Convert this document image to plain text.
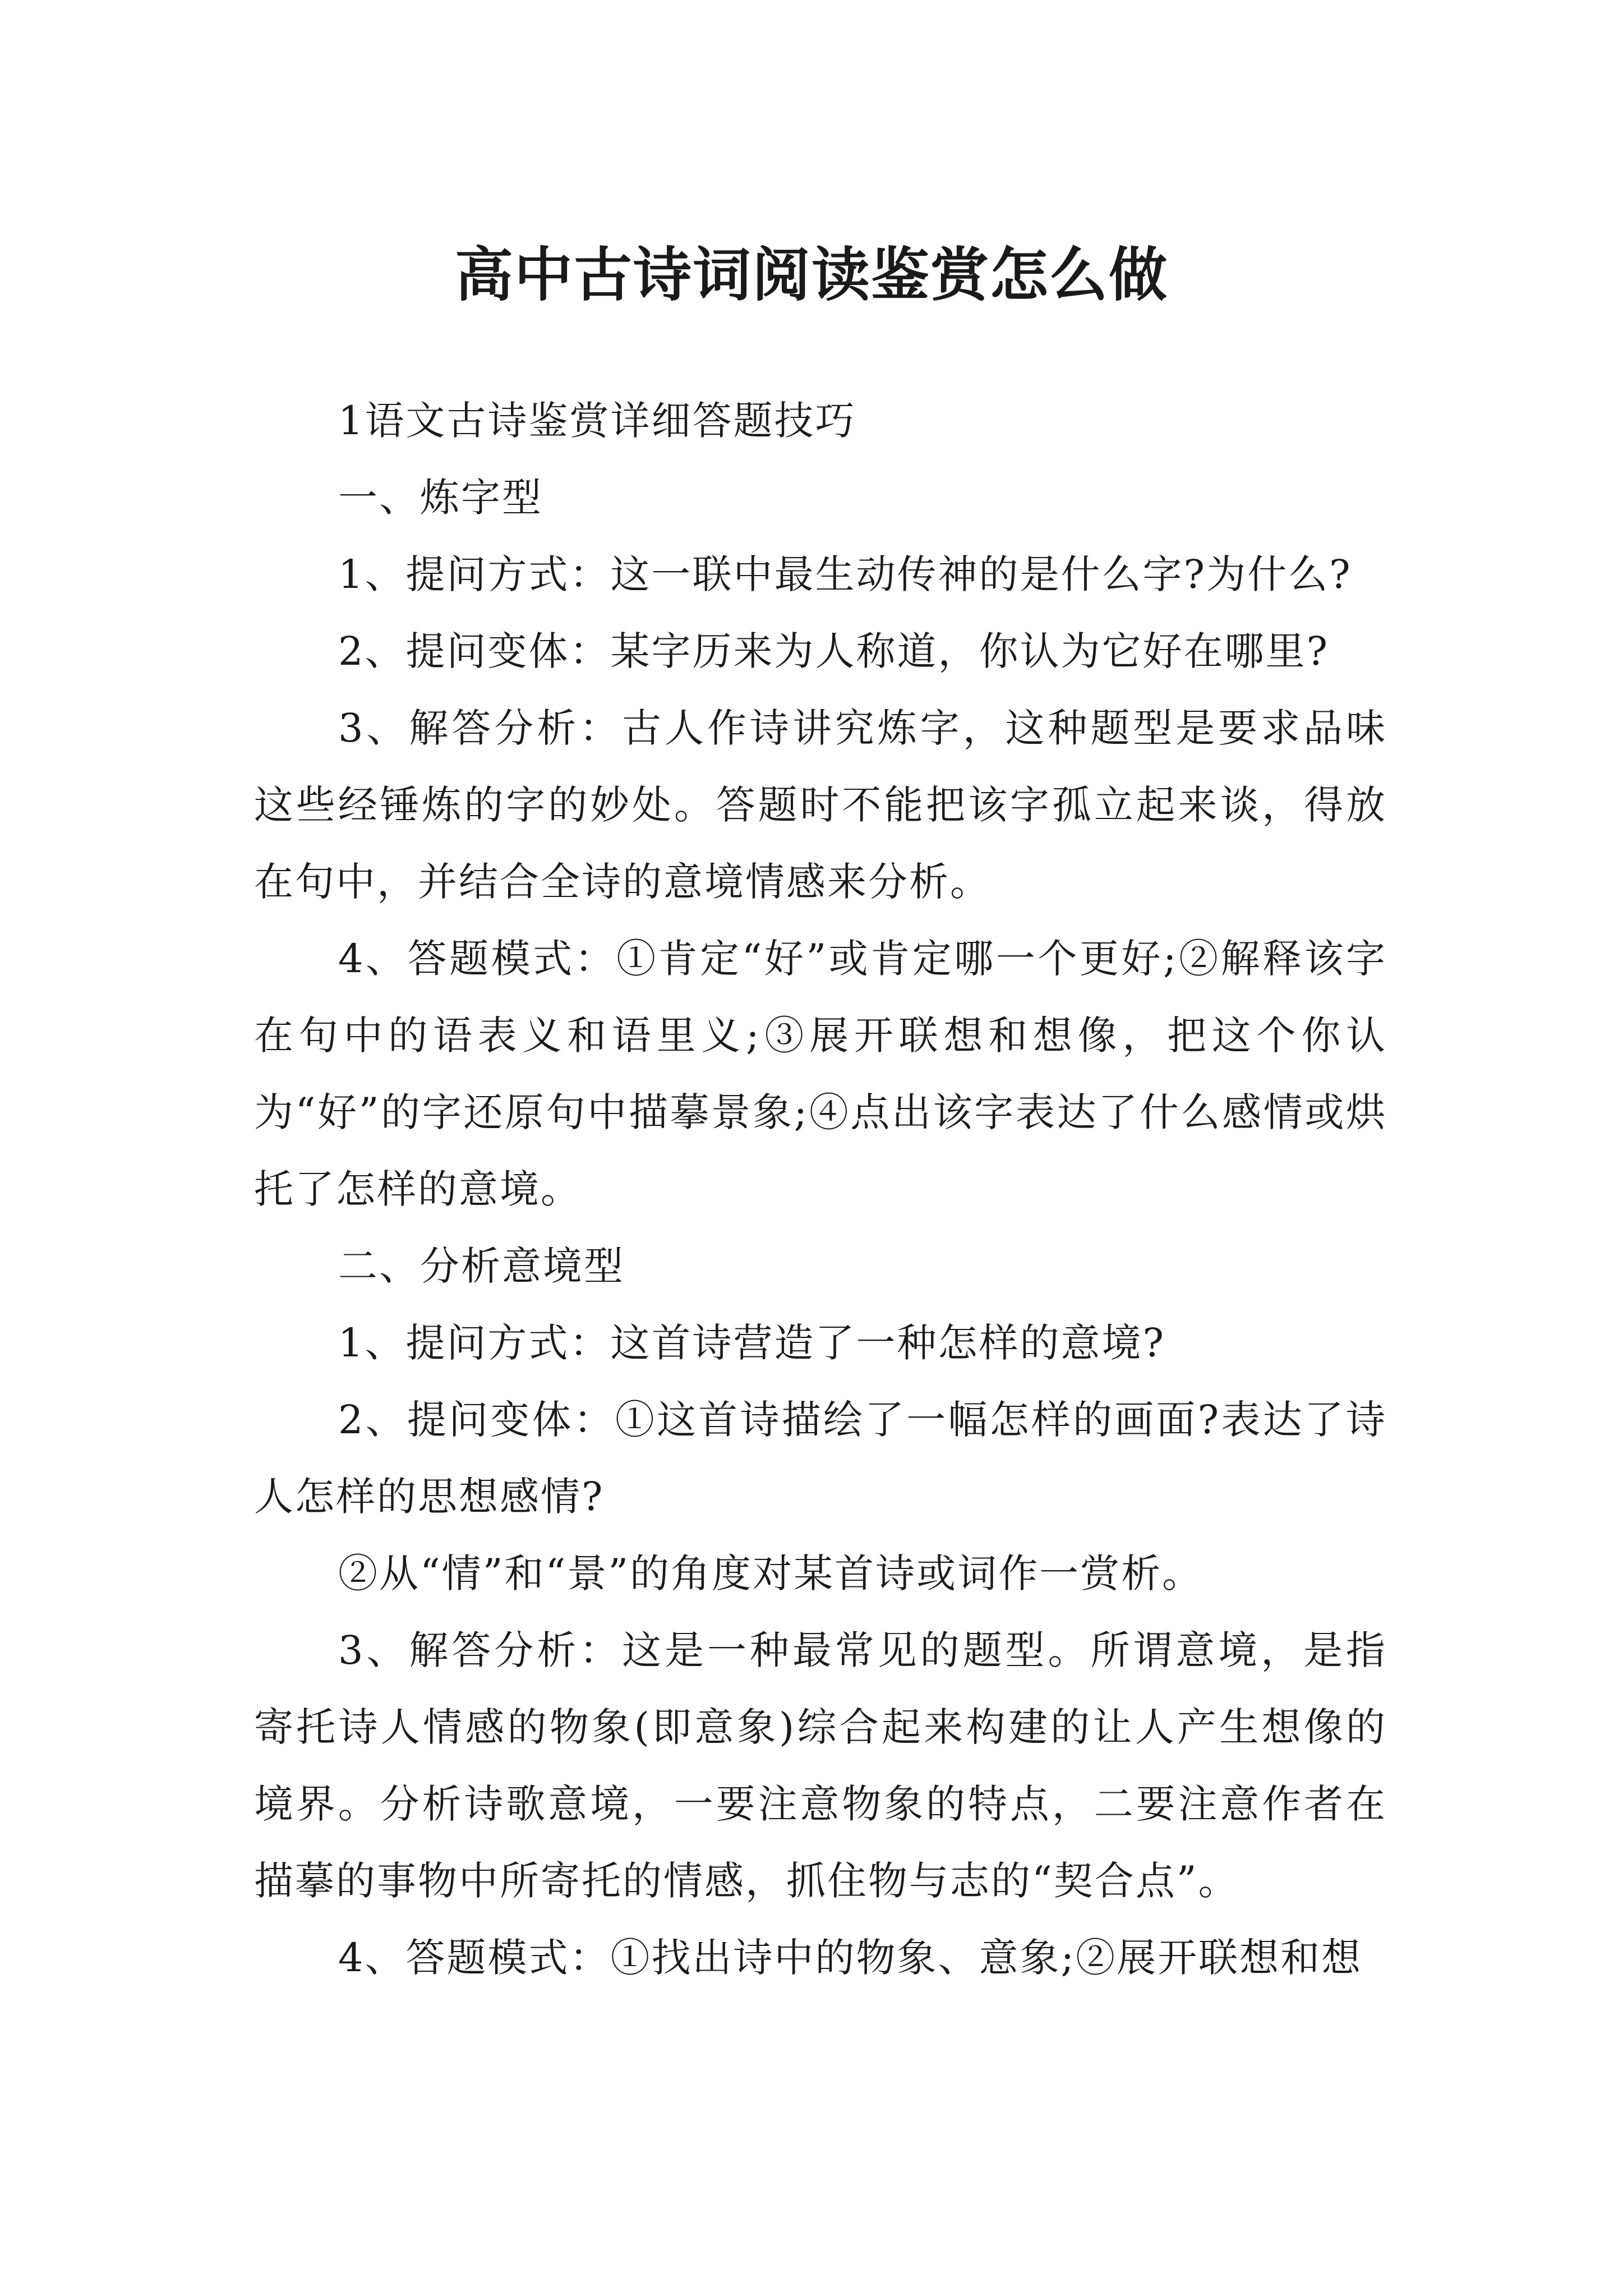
高中古诗词阅读鉴赏怎么做

1语文古诗鉴赏详细答题技巧

一、炼字型

1、提问方式：这一联中最生动传神的是什么字?为什么?

2、提问变体：某字历来为人称道，你认为它好在哪里?

3、解答分析：古人作诗讲究炼字，这种题型是要求品味这些经锤炼的字的妙处。答题时不能把该字孤立起来谈，得放在句中，并结合全诗的意境情感来分析。

4、答题模式：①肯定“好”或肯定哪一个更好;②解释该字在句中的语表义和语里义;③展开联想和想像，把这个你认为“好”的字还原句中描摹景象;④点出该字表达了什么感情或烘托了怎样的意境。

二、分析意境型

1、提问方式：这首诗营造了一种怎样的意境?

2、提问变体：①这首诗描绘了一幅怎样的画面?表达了诗人怎样的思想感情?

②从“情”和“景”的角度对某首诗或词作一赏析。

3、解答分析：这是一种最常见的题型。所谓意境，是指寄托诗人情感的物象(即意象)综合起来构建的让人产生想像的境界。分析诗歌意境，一要注意物象的特点，二要注意作者在描摹的事物中所寄托的情感，抓住物与志的“契合点”。

4、答题模式：①找出诗中的物象、意象;②展开联想和想
